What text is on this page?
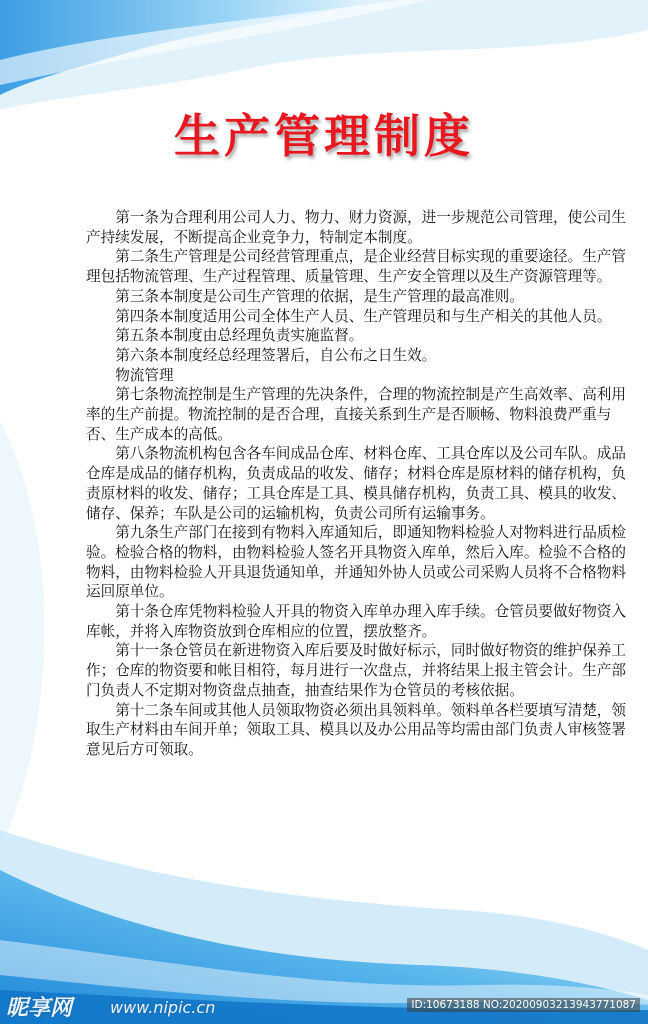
生产管理制度

第一条为合理利用公司人力、物力、财力资源，进一步规范公司管理，使公司生产持续发展，不断提高企业竞争力，特制定本制度。

第二条生产管理是公司经营管理重点，是企业经营目标实现的重要途径。生产管理包括物流管理、生产过程管理、质量管理、生产安全管理以及生产资源管理等。

第三条本制度是公司生产管理的依据，是生产管理的最高准则。

第四条本制度适用公司全体生产人员、生产管理员和与生产相关的其他人员。

第五条本制度由总经理负责实施监督。

第六条本制度经总经理签署后，自公布之日生效。

物流管理

第七条物流控制是生产管理的先决条件，合理的物流控制是产生高效率、高利用率的生产前提。物流控制的是否合理，直接关系到生产是否顺畅、物料浪费严重与否、生产成本的高低。

第八条物流机构包含各车间成品仓库、材料仓库、工具仓库以及公司车队。成品仓库是成品的储存机构，负责成品的收发、储存；材料仓库是原材料的储存机构，负责原材料的收发、储存；工具仓库是工具、模具储存机构，负责工具、模具的收发、储存、保养；车队是公司的运输机构，负责公司所有运输事务。

第九条生产部门在接到有物料入库通知后，即通知物料检验人对物料进行品质检验。检验合格的物料，由物料检验人签名开具物资入库单，然后入库。检验不合格的物料，由物料检验人开具退货通知单，并通知外协人员或公司采购人员将不合格物料运回原单位。

第十条仓库凭物料检验人开具的物资入库单办理入库手续。仓管员要做好物资入库帐，并将入库物资放到仓库相应的位置，摆放整齐。

第十一条仓管员在新进物资入库后要及时做好标示，同时做好物资的维护保养工作；仓库的物资要和帐目相符，每月进行一次盘点，并将结果上报主管会计。生产部门负责人不定期对物资盘点抽查，抽查结果作为仓管员的考核依据。

第十二条车间或其他人员领取物资必须出具领料单。领料单各栏要填写清楚，领取生产材料由车间开单；领取工具、模具以及办公用品等均需由部门负责人审核签署意见后方可领取。

昵享网 www.nipic.cn	ID:10673188 NO:20200903213943771087
